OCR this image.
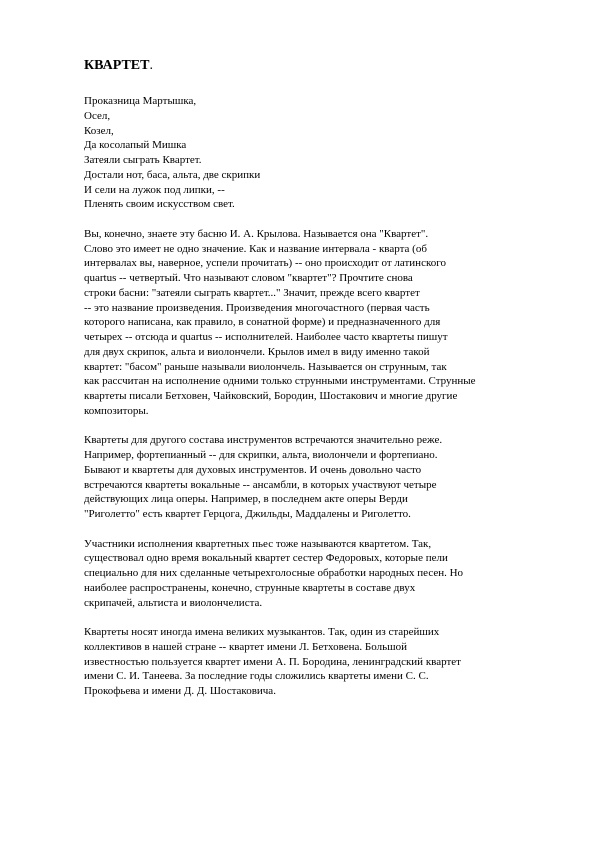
КВАРТЕТ.
Проказница Мартышка,
Осел,
Козел,
Да косолапый Мишка
Затеяли сыграть Квартет.
Достали нот, баса, альта, две скрипки
И сели на лужок под липки, --
Пленять своим искусством свет.
Вы, конечно, знаете эту басню И. А. Крылова. Называется она "Квартет".
Слово это имеет не одно значение. Как и название интервала - кварта (об
интервалах вы, наверное, успели прочитать) -- оно происходит от латинского
quartus -- четвертый. Что называют словом "квартет"? Прочтите снова
строки басни: "затеяли сыграть квартет..." Значит, прежде всего квартет
-- это название произведения. Произведения многочастного (первая часть
которого написана, как правило, в сонатной форме) и предназначенного для
четырех -- отсюда и quartus -- исполнителей. Наиболее часто квартеты пишут
для двух скрипок, альта и виолончели. Крылов имел в виду именно такой
квартет: "басом" раньше называли виолончель. Называется он струнным, так
как рассчитан на исполнение одними только струнными инструментами. Струнные
квартеты писали Бетховен, Чайковский, Бородин, Шостакович и многие другие
композиторы.
Квартеты для другого состава инструментов встречаются значительно реже.
Например, фортепианный -- для скрипки, альта, виолончели и фортепиано.
Бывают и квартеты для духовых инструментов. И очень довольно часто
встречаются квартеты вокальные -- ансамбли, в которых участвуют четыре
действующих лица оперы. Например, в последнем акте оперы Верди
"Риголетто" есть квартет Герцога, Джильды, Маддалены и Риголетто.
Участники исполнения квартетных пьес тоже называются квартетом. Так,
существовал одно время вокальный квартет сестер Федоровых, которые пели
специально для них сделанные четырехголосные обработки народных песен. Но
наиболее распространены, конечно, струнные квартеты в составе двух
скрипачей, альтиста и виолончелиста.
Квартеты носят иногда имена великих музыкантов. Так, один из старейших
коллективов в нашей стране -- квартет имени Л. Бетховена. Большой
известностью пользуется квартет имени А. П. Бородина, ленинградский квартет
имени С. И. Танеева. За последние годы сложились квартеты имени С. С.
Прокофьева и имени Д. Д. Шостаковича.
